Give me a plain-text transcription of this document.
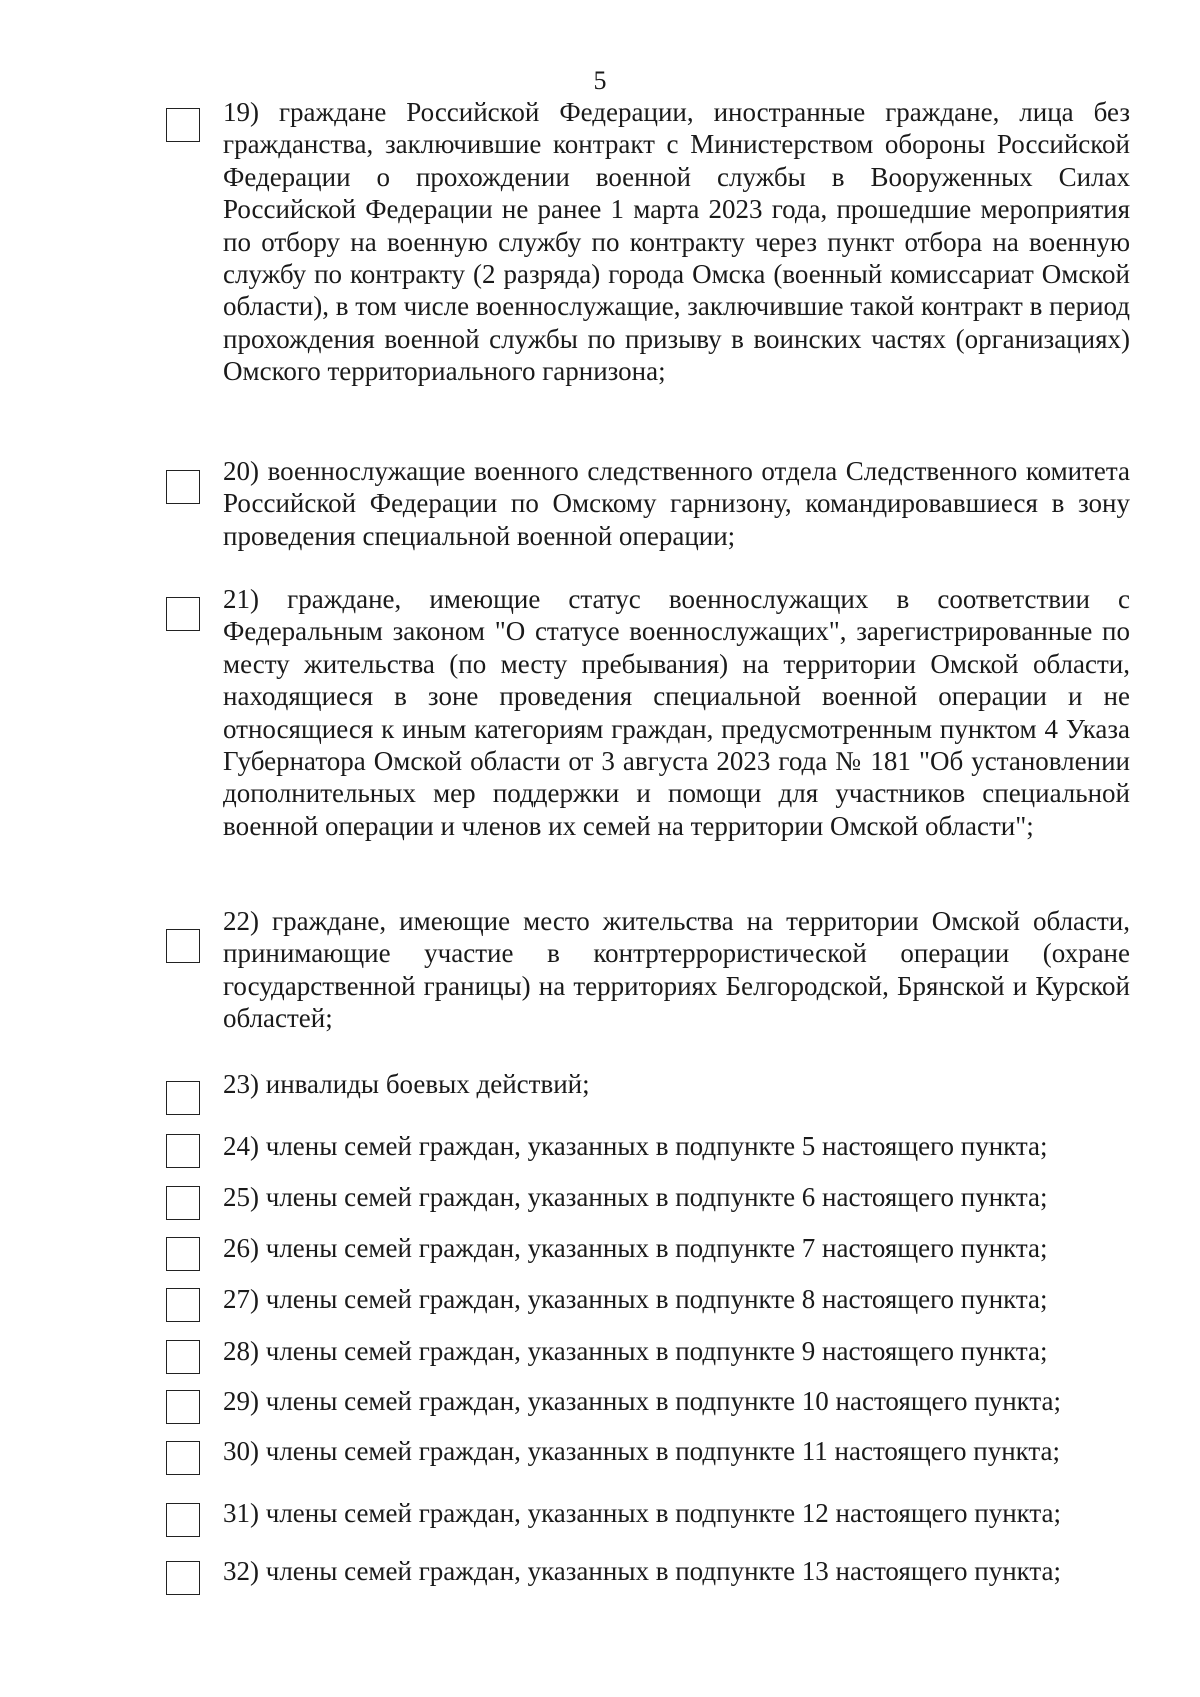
5
19) граждане Российской Федерации, иностранные граждане, лица без гражданства, заключившие контракт с Министерством обороны Российской Федерации о прохождении военной службы в Вооруженных Силах Российской Федерации не ранее 1 марта 2023 года, прошедшие мероприятия по отбору на военную службу по контракту через пункт отбора на военную службу по контракту (2 разряда) города Омска (военный комиссариат Омской области), в том числе военнослужащие, заключившие такой контракт в период прохождения военной службы по призыву в воинских частях (организациях) Омского территориального гарнизона;
20) военнослужащие военного следственного отдела Следственного комитета Российской Федерации по Омскому гарнизону, командировавшиеся в зону проведения специальной военной операции;
21) граждане, имеющие статус военнослужащих в соответствии с Федеральным законом "О статусе военнослужащих", зарегистрированные по месту жительства (по месту пребывания) на территории Омской области, находящиеся в зоне проведения специальной военной операции и не относящиеся к иным категориям граждан, предусмотренным пунктом 4 Указа Губернатора Омской области от 3 августа 2023 года № 181 "Об установлении дополнительных мер поддержки и помощи для участников специальной военной операции и членов их семей на территории Омской области";
22) граждане, имеющие место жительства на территории Омской области, принимающие участие в контртеррористической операции (охране государственной границы) на территориях Белгородской, Брянской и Курской областей;
23) инвалиды боевых действий;
24) члены семей граждан, указанных в подпункте 5 настоящего пункта;
25) члены семей граждан, указанных в подпункте 6 настоящего пункта;
26) члены семей граждан, указанных в подпункте 7 настоящего пункта;
27) члены семей граждан, указанных в подпункте 8 настоящего пункта;
28) члены семей граждан, указанных в подпункте 9 настоящего пункта;
29) члены семей граждан, указанных в подпункте 10 настоящего пункта;
30) члены семей граждан, указанных в подпункте 11 настоящего пункта;
31) члены семей граждан, указанных в подпункте 12 настоящего пункта;
32) члены семей граждан, указанных в подпункте 13 настоящего пункта;
